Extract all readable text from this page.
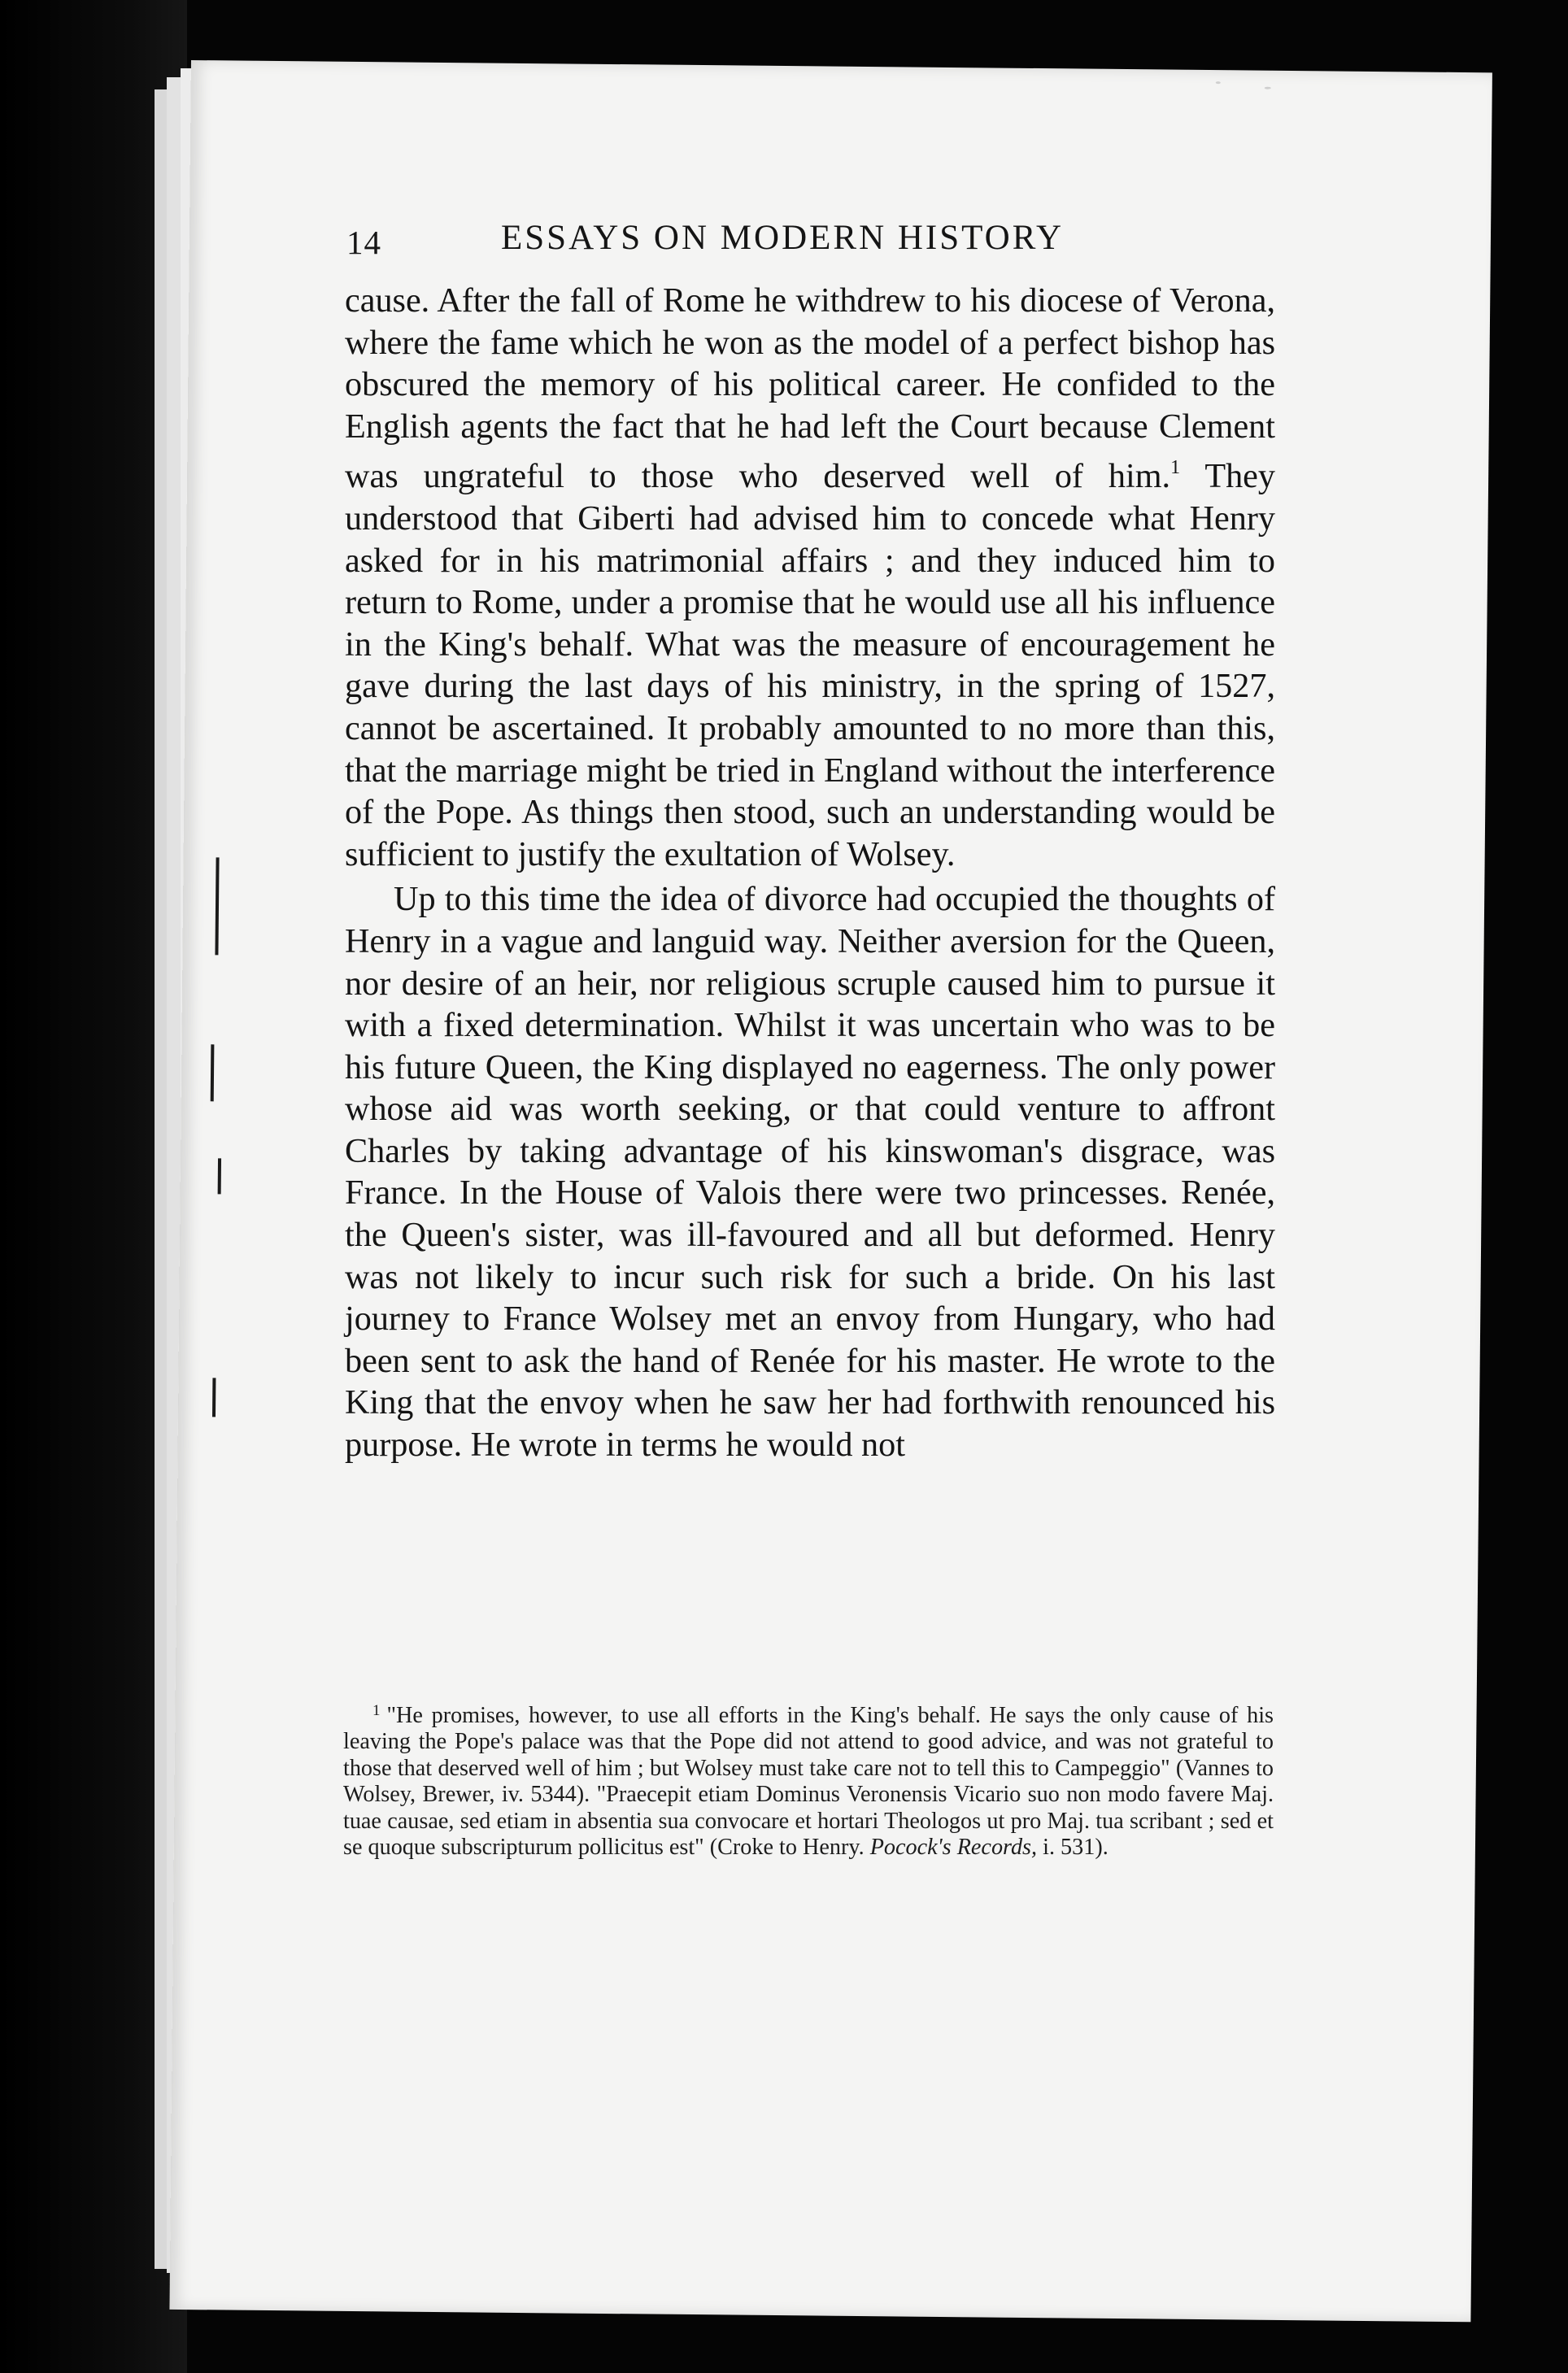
14	ESSAYS ON MODERN HISTORY

cause. After the fall of Rome he withdrew to his diocese of Verona, where the fame which he won as the model of a perfect bishop has obscured the memory of his political career. He confided to the English agents the fact that he had left the Court because Clement was ungrateful to those who deserved well of him.$^1$ They understood that Giberti had advised him to concede what Henry asked for in his matrimonial affairs ; and they induced him to return to Rome, under a promise that he would use all his influence in the King's behalf. What was the measure of encouragement he gave during the last days of his ministry, in the spring of 1527, cannot be ascertained. It probably amounted to no more than this, that the marriage might be tried in England without the interference of the Pope. As things then stood, such an understanding would be sufficient to justify the exultation of Wolsey.

Up to this time the idea of divorce had occupied the thoughts of Henry in a vague and languid way. Neither aversion for the Queen, nor desire of an heir, nor religious scruple caused him to pursue it with a fixed determination. Whilst it was uncertain who was to be his future Queen, the King displayed no eagerness. The only power whose aid was worth seeking, or that could venture to affront Charles by taking advantage of his kinswoman's disgrace, was France. In the House of Valois there were two princesses. Renée, the Queen's sister, was ill-favoured and all but deformed. Henry was not likely to incur such risk for such a bride. On his last journey to France Wolsey met an envoy from Hungary, who had been sent to ask the hand of Renée for his master. He wrote to the King that the envoy when he saw her had forthwith renounced his purpose. He wrote in terms he would not

$^1$ "He promises, however, to use all efforts in the King's behalf. He says the only cause of his leaving the Pope's palace was that the Pope did not attend to good advice, and was not grateful to those that deserved well of him ; but Wolsey must take care not to tell this to Campeggio" (Vannes to Wolsey, Brewer, iv. 5344). "Praecepit etiam Dominus Veronensis Vicario suo non modo favere Maj. tuae causae, sed etiam in absentia sua convocare et hortari Theologos ut pro Maj. tua scribant ; sed et se quoque subscripturum pollicitus est" (Croke to Henry. Pocock's Records, i. 531).
